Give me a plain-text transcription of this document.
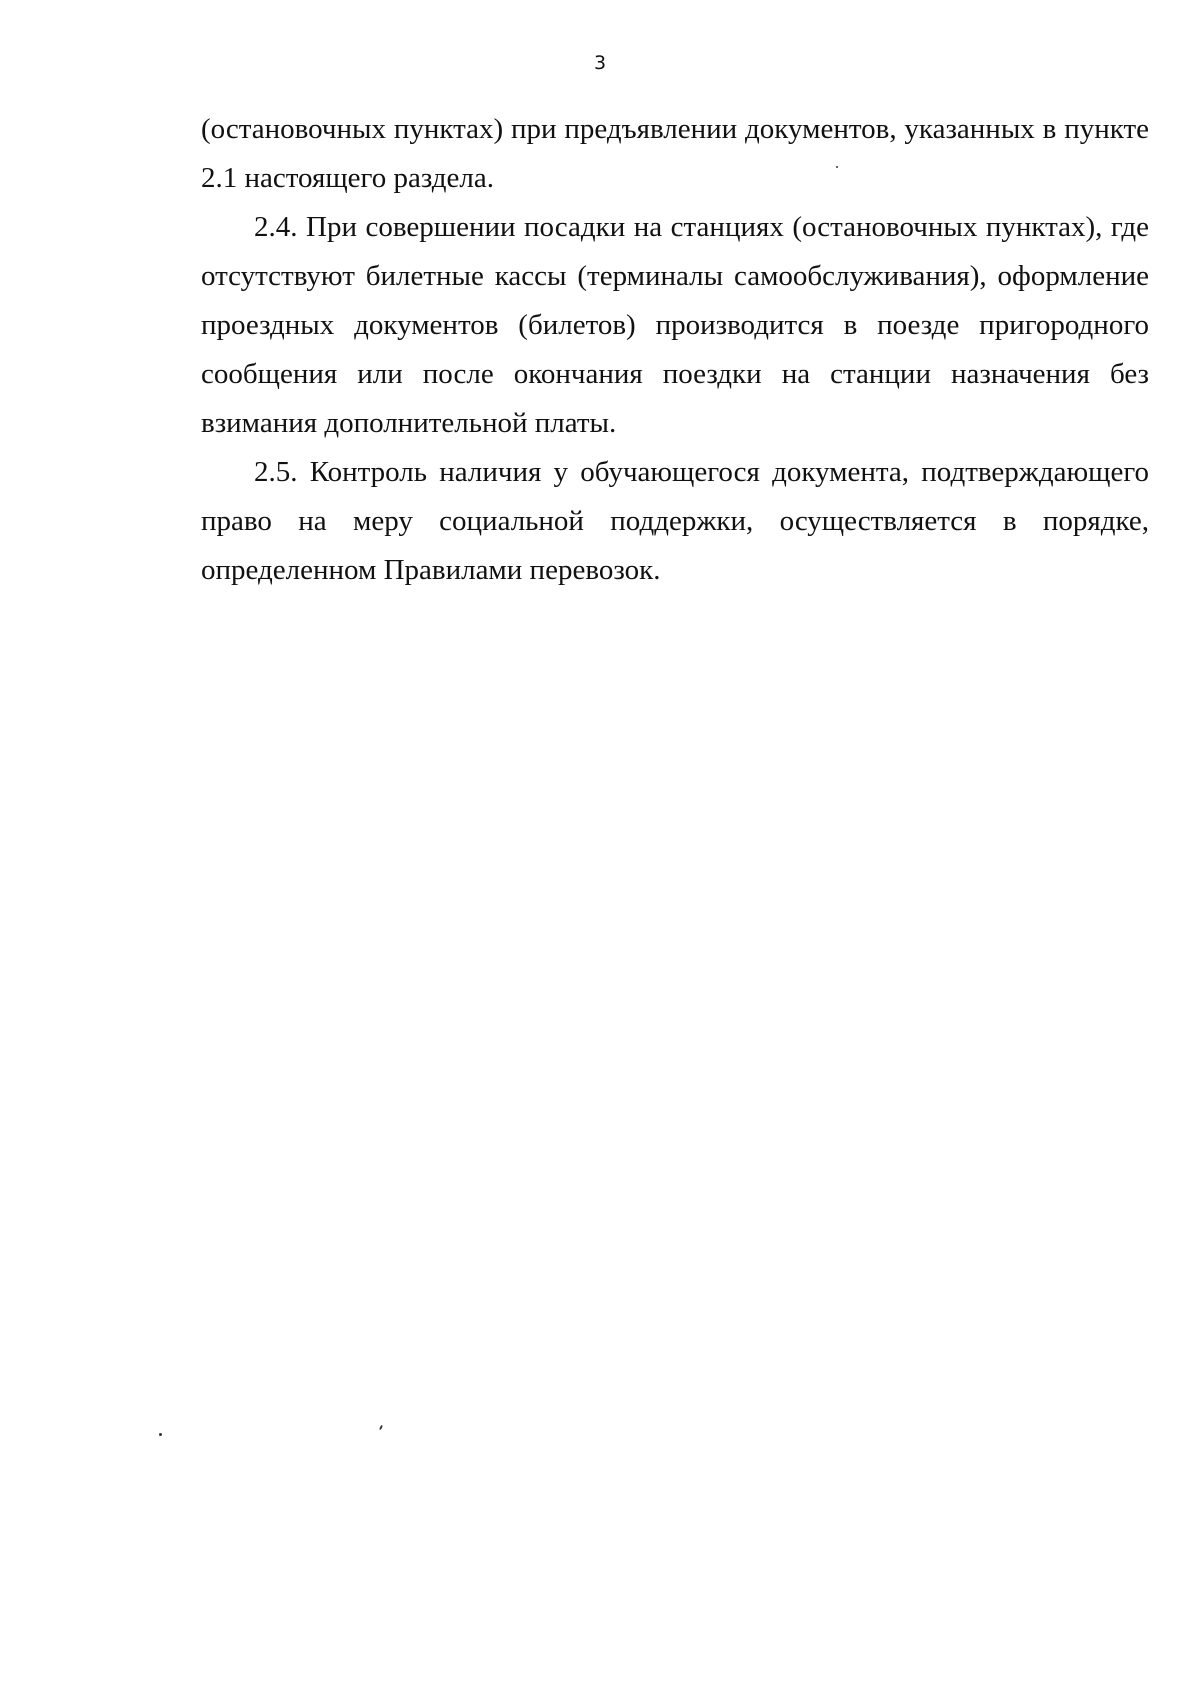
3

(остановочных пунктах) при предъявлении документов, указанных в пункте 2.1 настоящего раздела.

2.4. При совершении посадки на станциях (остановочных пунктах), где отсутствуют билетные кассы (терминалы самообслуживания), оформление проездных документов (билетов) производится в поезде пригородного сообщения или после окончания поездки на станции назначения без взимания дополнительной платы.

2.5. Контроль наличия у обучающегося документа, подтверждающего право на меру социальной поддержки, осуществляется в порядке, определенном Правилами перевозок.
